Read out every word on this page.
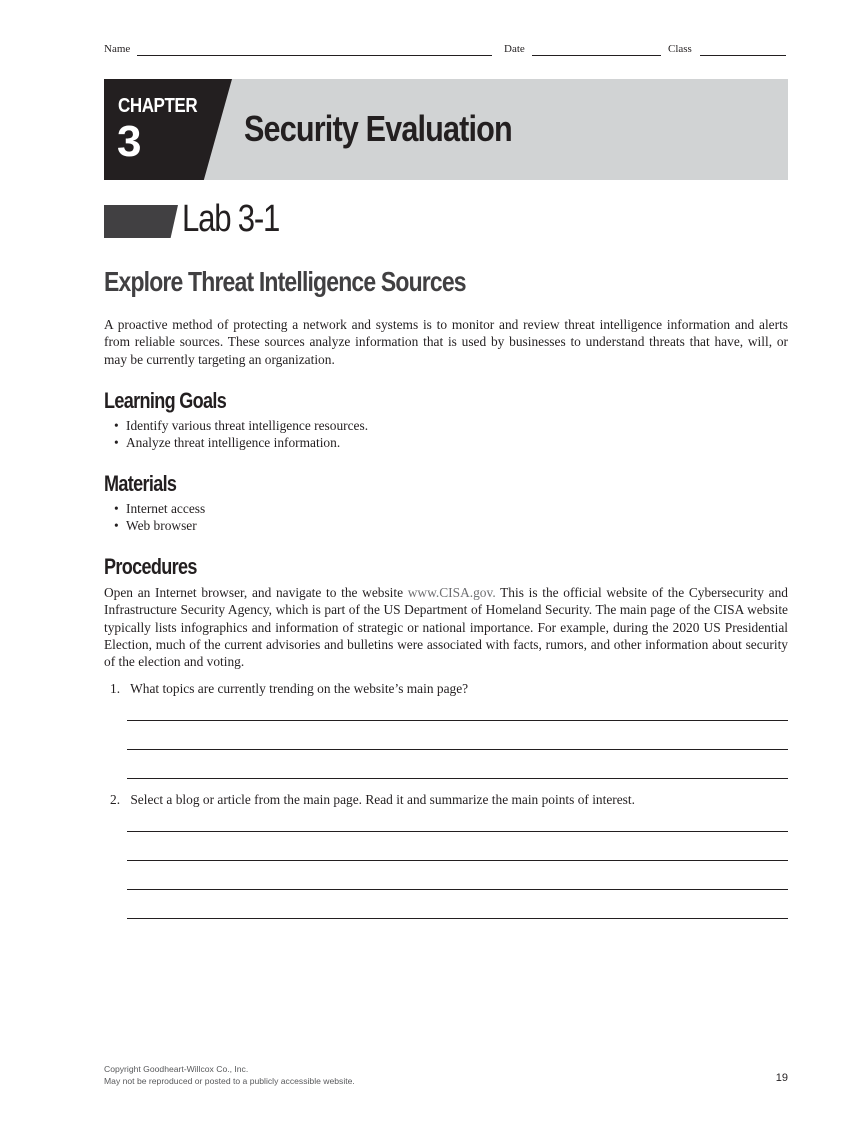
Name	Date	Class
CHAPTER
3	Security Evaluation
Lab 3-1
Explore Threat Intelligence Sources

A proactive method of protecting a network and systems is to monitor and review threat intelligence information and alerts from reliable sources. These sources analyze information that is used by businesses to understand threats that have, will, or may be currently targeting an organization.

Learning Goals
• Identify various threat intelligence resources.
• Analyze threat intelligence information.
Materials
• Internet access
• Web browser
Procedures

Open an Internet browser, and navigate to the website www.CISA.gov. This is the official website of the Cybersecurity and Infrastructure Security Agency, which is part of the US Department of Homeland Security. The main page of the CISA website typically lists infographics and information of strategic or national importance. For example, during the 2020 US Presidential Election, much of the current advisories and bulletins were associated with facts, rumors, and other information about security of the election and voting.

1. What topics are currently trending on the website’s main page?
2. Select a blog or article from the main page. Read it and summarize the main points of interest.
Copyright Goodheart-Willcox Co., Inc.
May not be reproduced or posted to a publicly accessible website.	19
